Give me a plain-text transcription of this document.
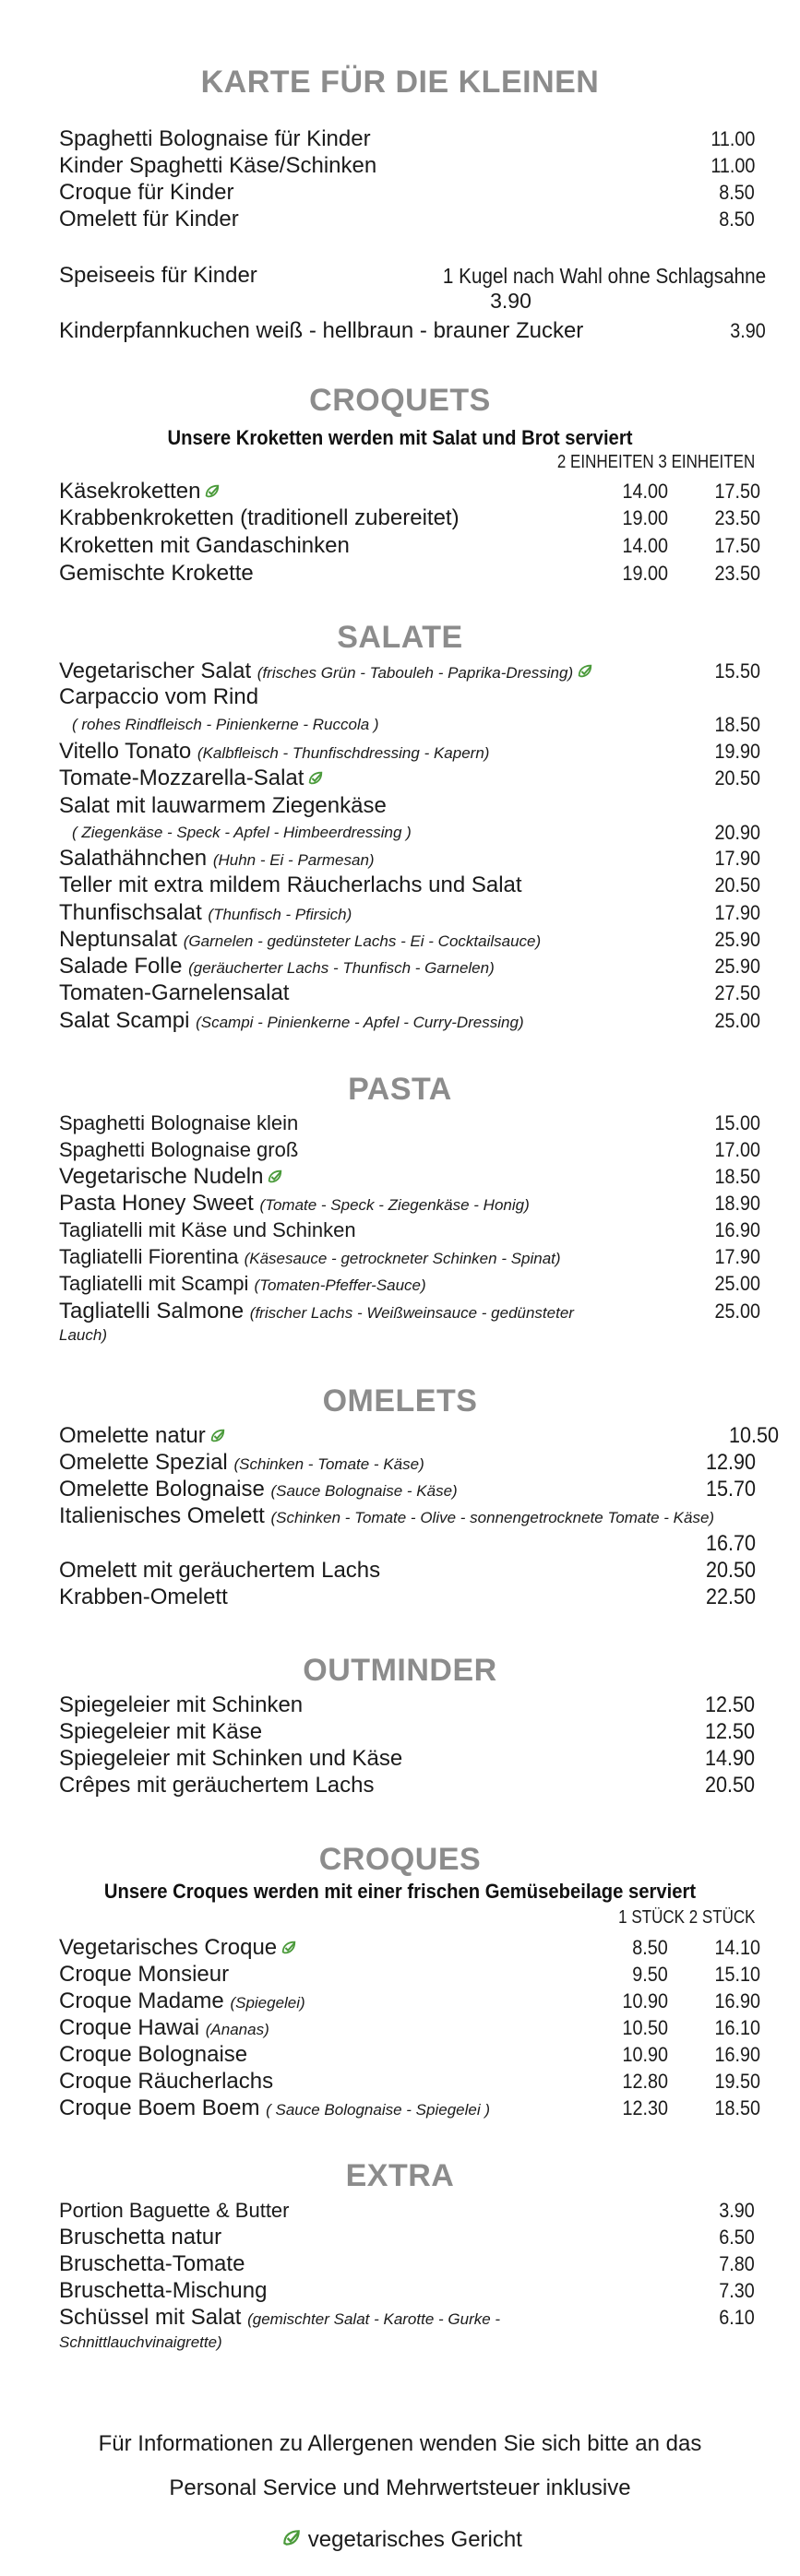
KARTE FÜR DIE KLEINEN
Spaghetti Bolognaise für Kinder	11.00
Kinder Spaghetti Käse/Schinken	11.00
Croque für Kinder	8.50
Omelett für Kinder	8.50
Speiseeis für Kinder	1 Kugel nach Wahl ohne Schlagsahne
3.90
Kinderpfannkuchen weiß - hellbraun - brauner Zucker	3.90
CROQUETS
Unsere Kroketten werden mit Salat und Brot serviert
2 EINHEITEN 3 EINHEITEN
Käsekroketten	14.00 17.50
Krabbenkroketten (traditionell zubereitet)	19.00 23.50
Kroketten mit Gandaschinken	14.00 17.50
Gemischte Krokette	19.00 23.50
SALATE
Vegetarischer Salat (frisches Grün - Tabouleh - Paprika-Dressing)	15.50
Carpaccio vom Rind
( rohes Rindfleisch - Pinienkerne - Ruccola )	18.50
Vitello Tonato (Kalbfleisch - Thunfischdressing - Kapern)	19.90
Tomate-Mozzarella-Salat	20.50
Salat mit lauwarmem Ziegenkäse
( Ziegenkäse - Speck - Apfel - Himbeerdressing )	20.90
Salathähnchen (Huhn - Ei - Parmesan)	17.90
Teller mit extra mildem Räucherlachs und Salat	20.50
Thunfischsalat (Thunfisch - Pfirsich)	17.90
Neptunsalat (Garnelen - gedünsteter Lachs - Ei - Cocktailsauce)	25.90
Salade Folle (geräucherter Lachs - Thunfisch - Garnelen)	25.90
Tomaten-Garnelensalat	27.50
Salat Scampi (Scampi - Pinienkerne - Apfel - Curry-Dressing)	25.00
PASTA
Spaghetti Bolognaise klein	15.00
Spaghetti Bolognaise groß	17.00
Vegetarische Nudeln	18.50
Pasta Honey Sweet (Tomate - Speck - Ziegenkäse - Honig)	18.90
Tagliatelli mit Käse und Schinken	16.90
Tagliatelli Fiorentina (Käsesauce - getrockneter Schinken - Spinat)	17.90
Tagliatelli mit Scampi (Tomaten-Pfeffer-Sauce)	25.00
Tagliatelli Salmone (frischer Lachs - Weißweinsauce - gedünsteter	25.00
Lauch)
OMELETS
Omelette natur	10.50
Omelette Spezial (Schinken - Tomate - Käse)	12.90
Omelette Bolognaise (Sauce Bolognaise - Käse)	15.70
Italienisches Omelett (Schinken - Tomate - Olive - sonnengetrocknete Tomate - Käse)
16.70
Omelett mit geräuchertem Lachs	20.50
Krabben-Omelett	22.50
OUTMINDER
Spiegeleier mit Schinken	12.50
Spiegeleier mit Käse	12.50
Spiegeleier mit Schinken und Käse	14.90
Crêpes mit geräuchertem Lachs	20.50
CROQUES
Unsere Croques werden mit einer frischen Gemüsebeilage serviert
1 STÜCK 2 STÜCK
Vegetarisches Croque	8.50 14.10
Croque Monsieur	9.50 15.10
Croque Madame (Spiegelei)	10.90 16.90
Croque Hawai (Ananas)	10.50 16.10
Croque Bolognaise	10.90 16.90
Croque Räucherlachs	12.80 19.50
Croque Boem Boem ( Sauce Bolognaise - Spiegelei )	12.30 18.50
EXTRA
Portion Baguette & Butter	3.90
Bruschetta natur	6.50
Bruschetta-Tomate	7.80
Bruschetta-Mischung	7.30
Schüssel mit Salat (gemischter Salat - Karotte - Gurke -	6.10
Schnittlauchvinaigrette)
Für Informationen zu Allergenen wenden Sie sich bitte an das
Personal Service und Mehrwertsteuer inklusive
vegetarisches Gericht
